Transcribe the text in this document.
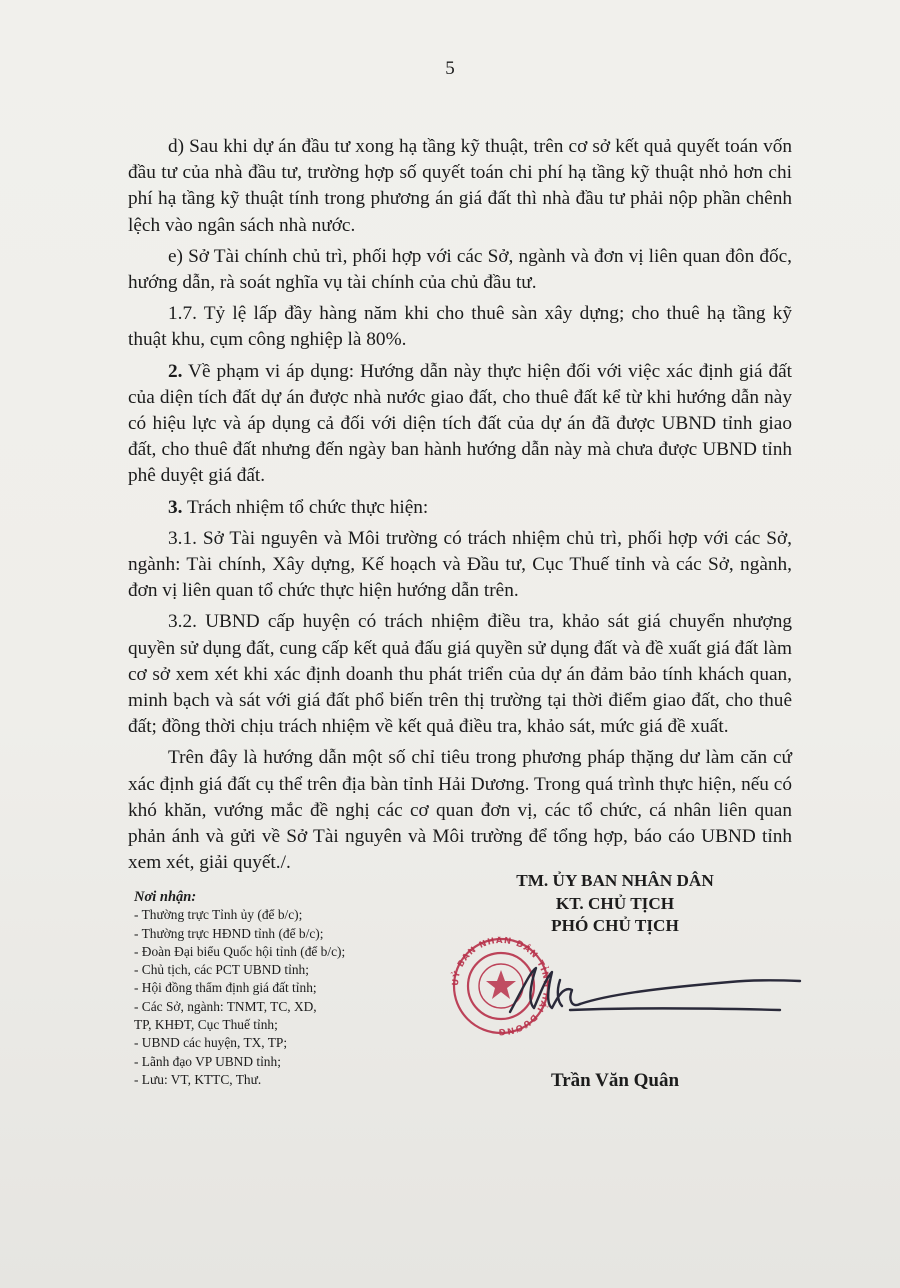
5

d) Sau khi dự án đầu tư xong hạ tầng kỹ thuật, trên cơ sở kết quả quyết toán vốn đầu tư của nhà đầu tư, trường hợp số quyết toán chi phí hạ tầng kỹ thuật nhỏ hơn chi phí hạ tầng kỹ thuật tính trong phương án giá đất thì nhà đầu tư phải nộp phần chênh lệch vào ngân sách nhà nước.

e) Sở Tài chính chủ trì, phối hợp với các Sở, ngành và đơn vị liên quan đôn đốc, hướng dẫn, rà soát nghĩa vụ tài chính của chủ đầu tư.

1.7. Tỷ lệ lấp đầy hàng năm khi cho thuê sàn xây dựng; cho thuê hạ tầng kỹ thuật khu, cụm công nghiệp là 80%.

2. Về phạm vi áp dụng: Hướng dẫn này thực hiện đối với việc xác định giá đất của diện tích đất dự án được nhà nước giao đất, cho thuê đất kể từ khi hướng dẫn này có hiệu lực và áp dụng cả đối với diện tích đất của dự án đã được UBND tỉnh giao đất, cho thuê đất nhưng đến ngày ban hành hướng dẫn này mà chưa được UBND tỉnh phê duyệt giá đất.

3. Trách nhiệm tổ chức thực hiện:

3.1. Sở Tài nguyên và Môi trường có trách nhiệm chủ trì, phối hợp với các Sở, ngành: Tài chính, Xây dựng, Kế hoạch và Đầu tư, Cục Thuế tỉnh và các Sở, ngành, đơn vị liên quan tổ chức thực hiện hướng dẫn trên.

3.2. UBND cấp huyện có trách nhiệm điều tra, khảo sát giá chuyển nhượng quyền sử dụng đất, cung cấp kết quả đấu giá quyền sử dụng đất và đề xuất giá đất làm cơ sở xem xét khi xác định doanh thu phát triển của dự án đảm bảo tính khách quan, minh bạch và sát với giá đất phổ biến trên thị trường tại thời điểm giao đất, cho thuê đất; đồng thời chịu trách nhiệm về kết quả điều tra, khảo sát, mức giá đề xuất.

Trên đây là hướng dẫn một số chỉ tiêu trong phương pháp thặng dư làm căn cứ xác định giá đất cụ thể trên địa bàn tỉnh Hải Dương. Trong quá trình thực hiện, nếu có khó khăn, vướng mắc đề nghị các cơ quan đơn vị, các tổ chức, cá nhân liên quan phản ánh và gửi về Sở Tài nguyên và Môi trường để tổng hợp, báo cáo UBND tỉnh xem xét, giải quyết./.

Nơi nhận:
- Thường trực Tỉnh ủy (để b/c);
- Thường trực HĐND tỉnh (để b/c);
- Đoàn Đại biểu Quốc hội tỉnh (để b/c);
- Chủ tịch, các PCT UBND tỉnh;
- Hội đồng thẩm định giá đất tỉnh;
- Các Sở, ngành: TNMT, TC, XD,
TP, KHĐT, Cục Thuế tỉnh;
- UBND các huyện, TX, TP;
- Lãnh đạo VP UBND tỉnh;
- Lưu: VT, KTTC, Thư.
TM. ỦY BAN NHÂN DÂN
KT. CHỦ TỊCH
PHÓ CHỦ TỊCH
UỶ BAN NHÂN DÂN TỈNH HẢI DƯƠNG
Trần Văn Quân
